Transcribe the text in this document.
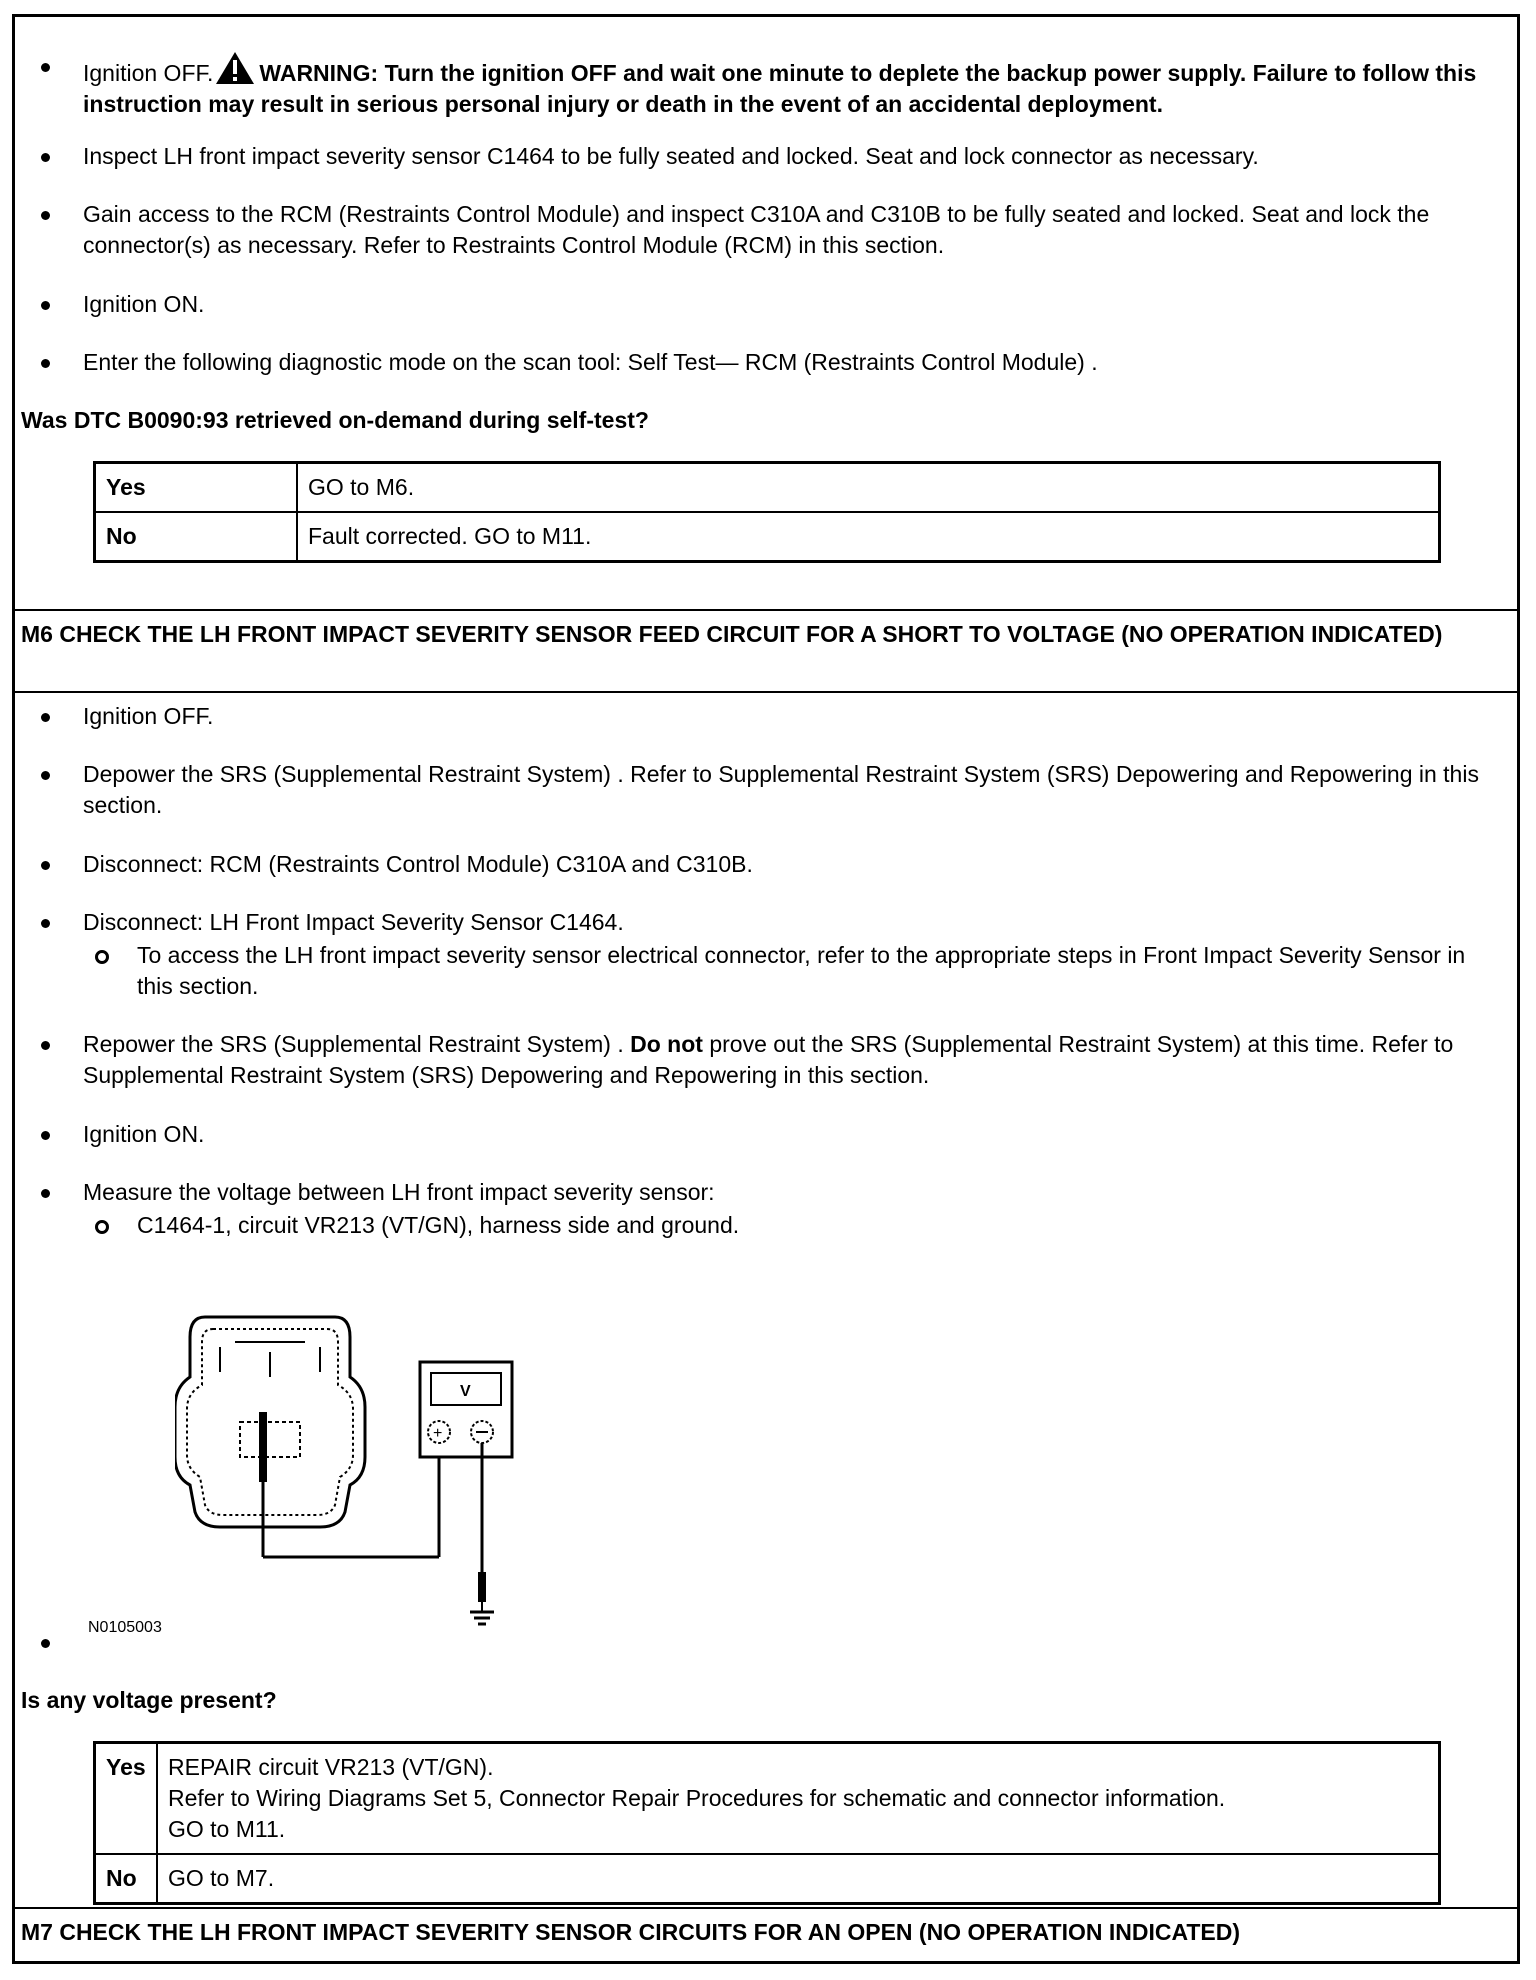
Ignition OFF. WARNING: Turn the ignition OFF and wait one minute to deplete the backup power supply. Failure to follow this instruction may result in serious personal injury or death in the event of an accidental deployment.
Inspect LH front impact severity sensor C1464 to be fully seated and locked. Seat and lock connector as necessary.
Gain access to the RCM (Restraints Control Module) and inspect C310A and C310B to be fully seated and locked. Seat and lock the connector(s) as necessary. Refer to Restraints Control Module (RCM) in this section.
Ignition ON.
Enter the following diagnostic mode on the scan tool: Self Test— RCM (Restraints Control Module) .
Was DTC B0090:93 retrieved on-demand during self-test?
Yes	GO to M6.
No	Fault corrected. GO to M11.
M6 CHECK THE LH FRONT IMPACT SEVERITY SENSOR FEED CIRCUIT FOR A SHORT TO VOLTAGE (NO OPERATION INDICATED)
Ignition OFF.
Depower the SRS (Supplemental Restraint System) . Refer to Supplemental Restraint System (SRS) Depowering and Repowering in this section.
Disconnect: RCM (Restraints Control Module) C310A and C310B.
Disconnect: LH Front Impact Severity Sensor C1464.
To access the LH front impact severity sensor electrical connector, refer to the appropriate steps in Front Impact Severity Sensor in this section.
Repower the SRS (Supplemental Restraint System) . Do not prove out the SRS (Supplemental Restraint System) at this time. Refer to Supplemental Restraint System (SRS) Depowering and Repowering in this section.
Ignition ON.
Measure the voltage between LH front impact severity sensor:
C1464-1, circuit VR213 (VT/GN), harness side and ground.
V
+
N0105003
Is any voltage present?
Yes	REPAIR circuit VR213 (VT/GN).
Refer to Wiring Diagrams Set 5, Connector Repair Procedures for schematic and connector information.
GO to M11.

No	GO to M7.
M7 CHECK THE LH FRONT IMPACT SEVERITY SENSOR CIRCUITS FOR AN OPEN (NO OPERATION INDICATED)
